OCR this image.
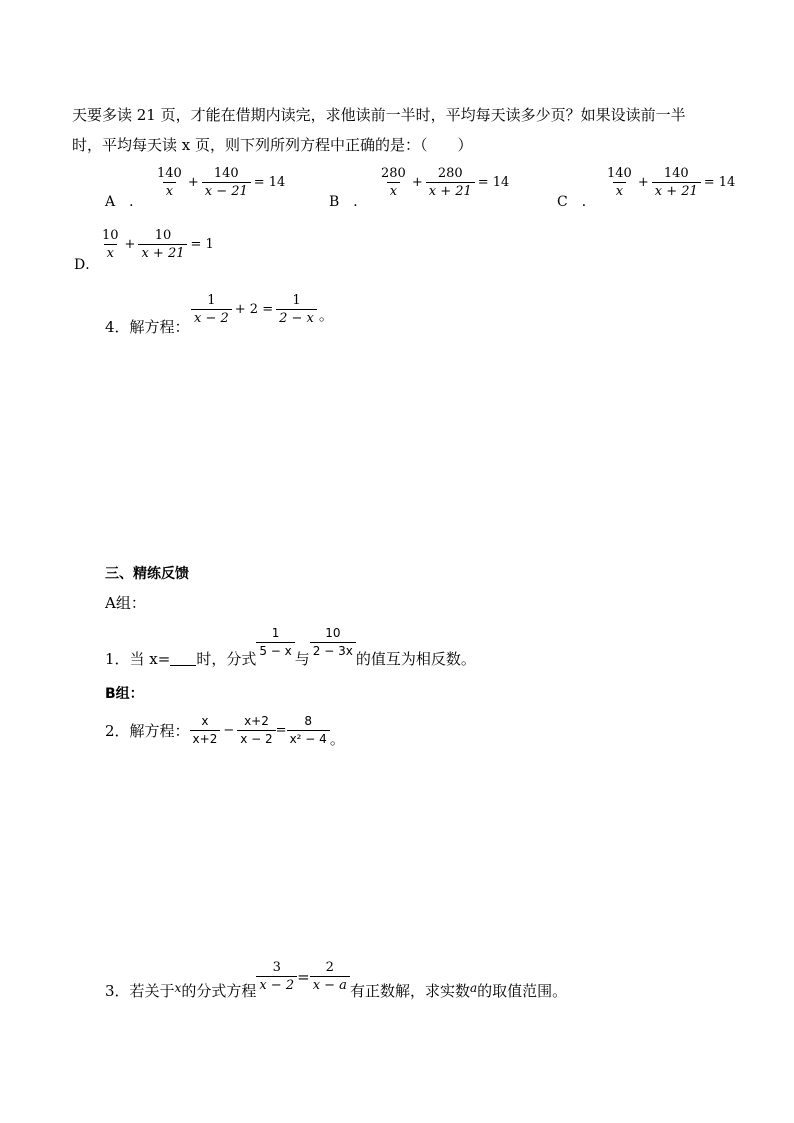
天要多读 21 页，才能在借期内读完，求他读前一半时，平均每天读多少页？如果设读前一半
时，平均每天读 x 页，则下列所列方程中正确的是：（　　）
A　．
$\frac{140}{x} + \frac{140}{x - 21} = 14$
B　．
$\frac{280}{x} + \frac{280}{x + 21} = 14$
C　．
$\frac{140}{x} + \frac{140}{x + 21} = 14$
D．
$\frac{10}{x} + \frac{10}{x + 21} = 1$
4．解方程：
$\frac{1}{x - 2} + 2 = \frac{1}{2 - x}$ 。
三、精练反馈
A组：
1．当 x= 时，分式 $\frac{1}{5 - x}$ 与 $\frac{10}{2 - 3x}$ 的值互为相反数。
B组：
2．解方程： $\frac{x}{x+2} - \frac{x+2}{x - 2} = \frac{8}{\text{x² − 4}}$ 。
3．若关于 x 的分式方程 $\frac{3}{x - 2} = \frac{2}{x - a}$ 有正数解，求实数 a 的取值范围。
